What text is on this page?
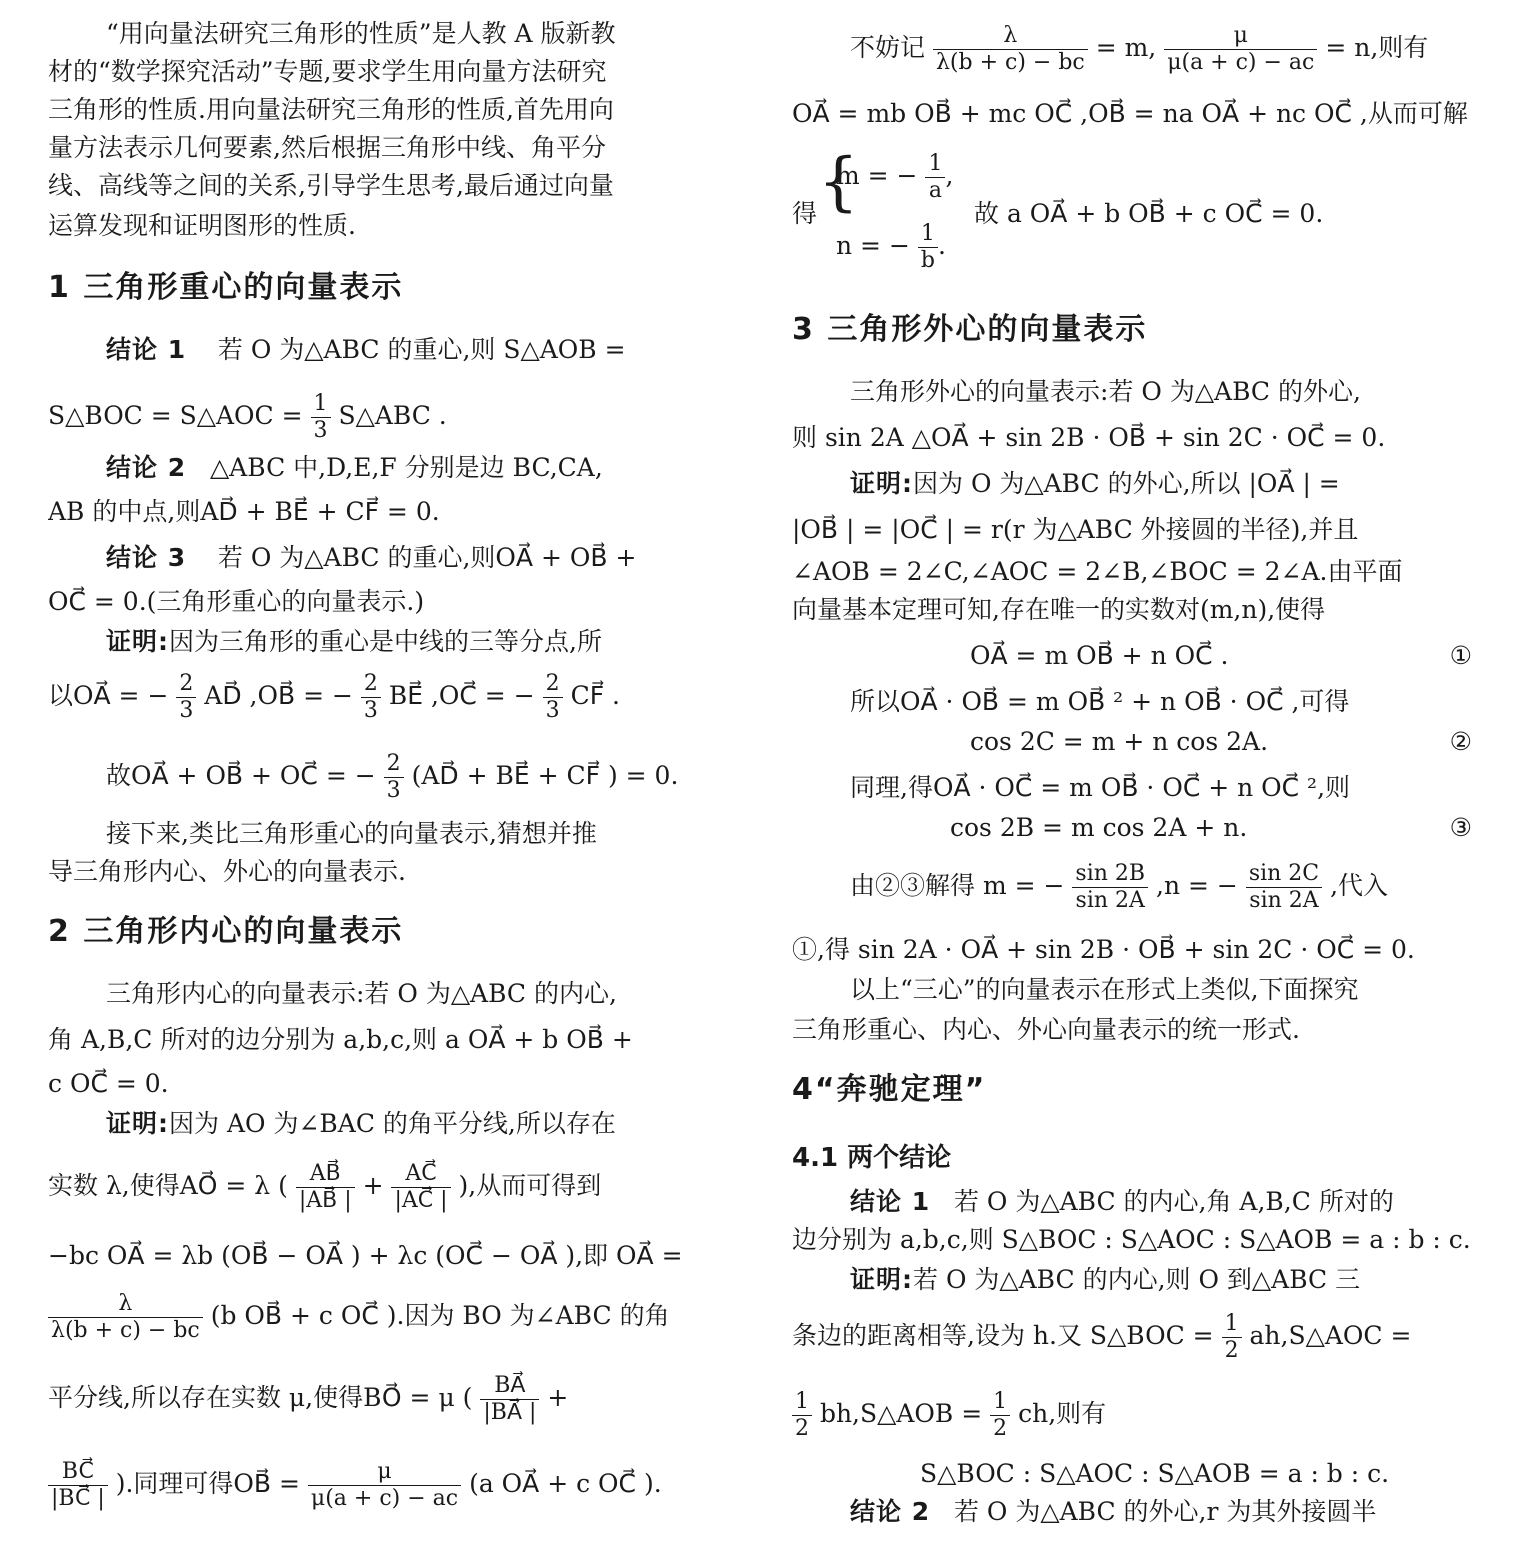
“用向量法研究三角形的性质”是人教 A 版新教
材的“数学探究活动”专题,要求学生用向量方法研究
三角形的性质.用向量法研究三角形的性质,首先用向
量方法表示几何要素,然后根据三角形中线、角平分
线、高线等之间的关系,引导学生思考,最后通过向量
运算发现和证明图形的性质.
1 三角形重心的向量表示
结论 1 若 O 为△ABC 的重心,则 S△AOB =
S△BOC = S△AOC = $\frac{1}{3}$ S△ABC .
结论 2 △ABC 中,D,E,F 分别是边 BC,CA,
AB 的中点,则AD⃗ + BE⃗ + CF⃗ = 0.
结论 3 若 O 为△ABC 的重心,则OA⃗ + OB⃗ +
OC⃗ = 0.(三角形重心的向量表示.)
证明:因为三角形的重心是中线的三等分点,所
以OA⃗ = − $\frac{2}{3}$ AD⃗ ,OB⃗ = − $\frac{2}{3}$ BE⃗ ,OC⃗ = − $\frac{2}{3}$ CF⃗ .
故OA⃗ + OB⃗ + OC⃗ = − $\frac{2}{3}$ (AD⃗ + BE⃗ + CF⃗ ) = 0.
接下来,类比三角形重心的向量表示,猜想并推
导三角形内心、外心的向量表示.
2 三角形内心的向量表示
三角形内心的向量表示:若 O 为△ABC 的内心,
角 A,B,C 所对的边分别为 a,b,c,则 a OA⃗ + b OB⃗ +
c OC⃗ = 0.
证明:因为 AO 为∠BAC 的角平分线,所以存在
实数 λ,使得AO⃗ = λ ( $\frac{AB⃗}{|AB⃗ |} + \frac{AC⃗}{|AC⃗ |}$ ),从而可得到
−bc OA⃗ = λb (OB⃗ − OA⃗ ) + λc (OC⃗ − OA⃗ ),即 OA⃗ =
$\frac{\lambda}{\lambda(b + c) - bc} (b$ OB⃗ + c OC⃗ ).因为 BO 为∠ABC 的角
平分线,所以存在实数 μ,使得BO⃗ = μ ( $\frac{BA⃗}{|BA⃗ |}$ +
$\frac{BC⃗}{|BC⃗ |}$ ).同理可得OB⃗ = $\frac{\mu}{\mu(a + c) - ac} (a$ OA⃗ + c OC⃗ ).
不妨记 $\frac{\lambda}{\lambda(b + c) - bc} = m$, $\frac{\mu}{\mu(a + c) - ac} = n$,则有
OA⃗ = mb OB⃗ + mc OC⃗ ,OB⃗ = na OA⃗ + nc OC⃗ ,从而可解
得 {
m = − $\frac{1}{a}$ ,
n = − $\frac{1}{b}$ .
故 a OA⃗ + b OB⃗ + c OC⃗ = 0.
3 三角形外心的向量表示
三角形外心的向量表示:若 O 为△ABC 的外心,
则 sin 2A △OA⃗ + sin 2B · OB⃗ + sin 2C · OC⃗ = 0.
证明:因为 O 为△ABC 的外心,所以 |OA⃗ | =
|OB⃗ | = |OC⃗ | = r(r 为△ABC 外接圆的半径),并且
∠AOB = 2∠C,∠AOC = 2∠B,∠BOC = 2∠A.由平面
向量基本定理可知,存在唯一的实数对(m,n),使得
OA⃗ = m OB⃗ + n OC⃗ .	①
所以OA⃗ · OB⃗ = m OB⃗ ² + n OB⃗ · OC⃗ ,可得
cos 2C = m + n cos 2A.	②
同理,得OA⃗ · OC⃗ = m OB⃗ · OC⃗ + n OC⃗ ²,则
cos 2B = m cos 2A + n.	③
由②③解得 m = − $\frac{\sin 2B}{\sin 2A} ,n$ = − $\frac{\sin 2C}{\sin 2A}$ ,代入
①,得 sin 2A · OA⃗ + sin 2B · OB⃗ + sin 2C · OC⃗ = 0.
以上“三心”的向量表示在形式上类似,下面探究
三角形重心、内心、外心向量表示的统一形式.
4“奔驰定理”
4.1 两个结论
结论 1 若 O 为△ABC 的内心,角 A,B,C 所对的
边分别为 a,b,c,则 S△BOC : S△AOC : S△AOB = a : b : c.
证明:若 O 为△ABC 的内心,则 O 到△ABC 三
条边的距离相等,设为 h.又 S△BOC = $\frac{1}{2}$ ah,S△AOC =
$\frac{1}{2}$ bh,S△AOB = $\frac{1}{2}$ ch,则有
S△BOC : S△AOC : S△AOB = a : b : c.
结论 2 若 O 为△ABC 的外心,r 为其外接圆半
